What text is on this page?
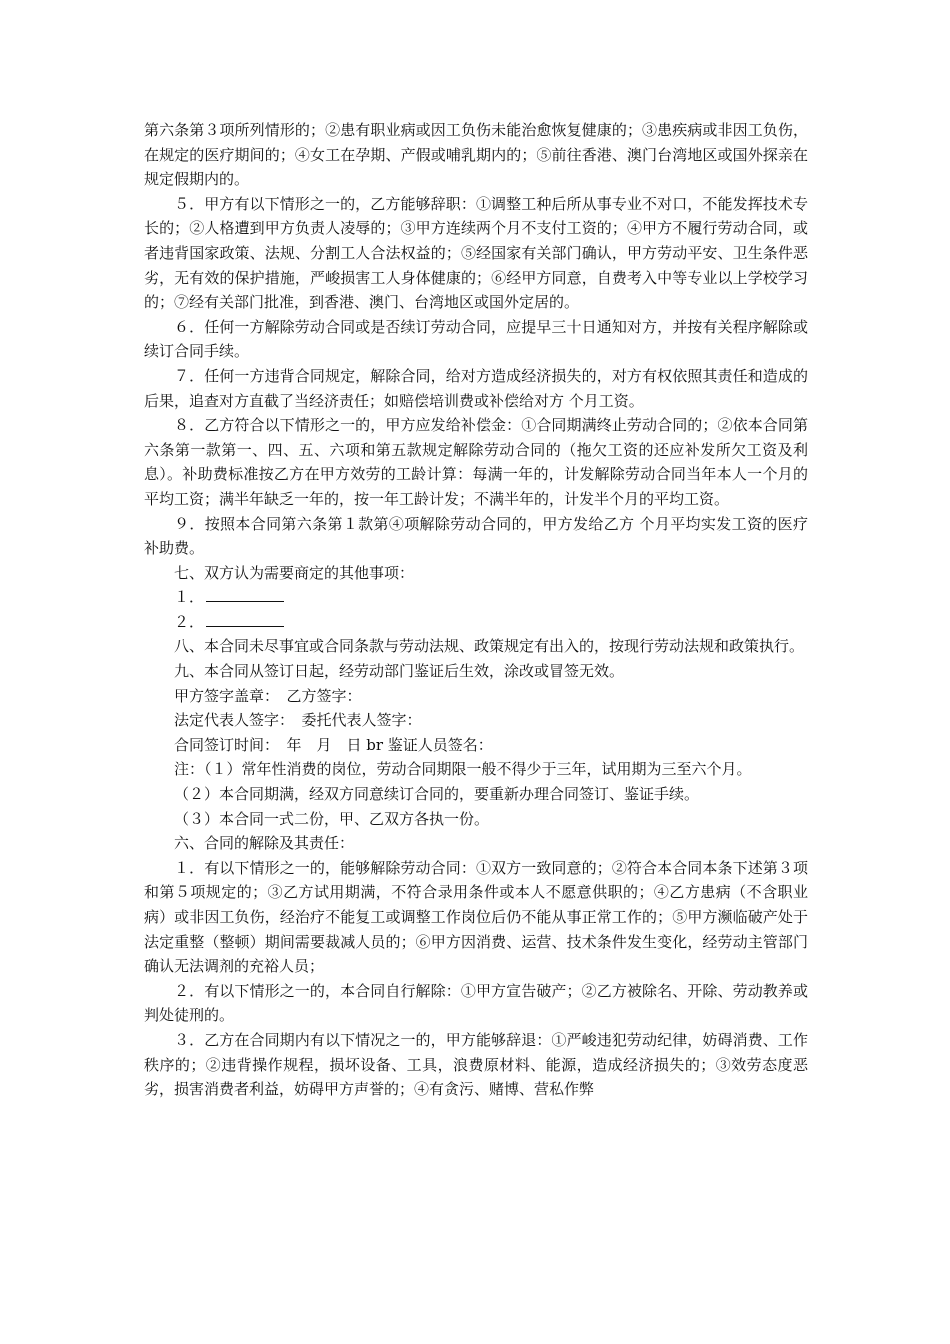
第六条第３项所列情形的；②患有职业病或因工负伤未能治愈恢复健康的；③患疾病或非因工负伤，在规定的医疗期间的；④女工在孕期、产假或哺乳期内的；⑤前往香港、澳门台湾地区或国外探亲在规定假期内的。

５．甲方有以下情形之一的，乙方能够辞职：①调整工种后所从事专业不对口，不能发挥技术专长的；②人格遭到甲方负责人凌辱的；③甲方连续两个月不支付工资的；④甲方不履行劳动合同，或者违背国家政策、法规、分割工人合法权益的；⑤经国家有关部门确认，甲方劳动平安、卫生条件恶劣，无有效的保护措施，严峻损害工人身体健康的；⑥经甲方同意，自费考入中等专业以上学校学习的；⑦经有关部门批准，到香港、澳门、台湾地区或国外定居的。

６．任何一方解除劳动合同或是否续订劳动合同，应提早三十日通知对方，并按有关程序解除或续订合同手续。

７．任何一方违背合同规定，解除合同，给对方造成经济损失的，对方有权依照其责任和造成的后果，追查对方直截了当经济责任；如赔偿培训费或补偿给对方 个月工资。

８．乙方符合以下情形之一的，甲方应发给补偿金：①合同期满终止劳动合同的；②依本合同第六条第一款第一、四、五、六项和第五款规定解除劳动合同的（拖欠工资的还应补发所欠工资及利息）。补助费标准按乙方在甲方效劳的工龄计算：每满一年的，计发解除劳动合同当年本人一个月的平均工资；满半年缺乏一年的，按一年工龄计发；不满半年的，计发半个月的平均工资。

９．按照本合同第六条第１款第④项解除劳动合同的，甲方发给乙方 个月平均实发工资的医疗补助费。

七、双方认为需要商定的其他事项：

１．

２．

八、本合同未尽事宜或合同条款与劳动法规、政策规定有出入的，按现行劳动法规和政策执行。

九、本合同从签订日起，经劳动部门鉴证后生效，涂改或冒签无效。

甲方签字盖章：　乙方签字：

法定代表人签字：　委托代表人签字：

合同签订时间：　年　月　日 br 鉴证人员签名：

注：（１）常年性消费的岗位，劳动合同期限一般不得少于三年，试用期为三至六个月。

（２）本合同期满，经双方同意续订合同的，要重新办理合同签订、鉴证手续。

（３）本合同一式二份，甲、乙双方各执一份。

六、合同的解除及其责任：

１．有以下情形之一的，能够解除劳动合同：①双方一致同意的；②符合本合同本条下述第３项和第５项规定的；③乙方试用期满，不符合录用条件或本人不愿意供职的；④乙方患病（不含职业病）或非因工负伤，经治疗不能复工或调整工作岗位后仍不能从事正常工作的；⑤甲方濒临破产处于法定重整（整顿）期间需要裁减人员的；⑥甲方因消费、运营、技术条件发生变化，经劳动主管部门确认无法调剂的充裕人员；

２．有以下情形之一的，本合同自行解除：①甲方宣告破产；②乙方被除名、开除、劳动教养或判处徒刑的。

３．乙方在合同期内有以下情况之一的，甲方能够辞退：①严峻违犯劳动纪律，妨碍消费、工作秩序的；②违背操作规程，损坏设备、工具，浪费原材料、能源，造成经济损失的；③效劳态度恶劣，损害消费者利益，妨碍甲方声誉的；④有贪污、赌博、营私作弊
